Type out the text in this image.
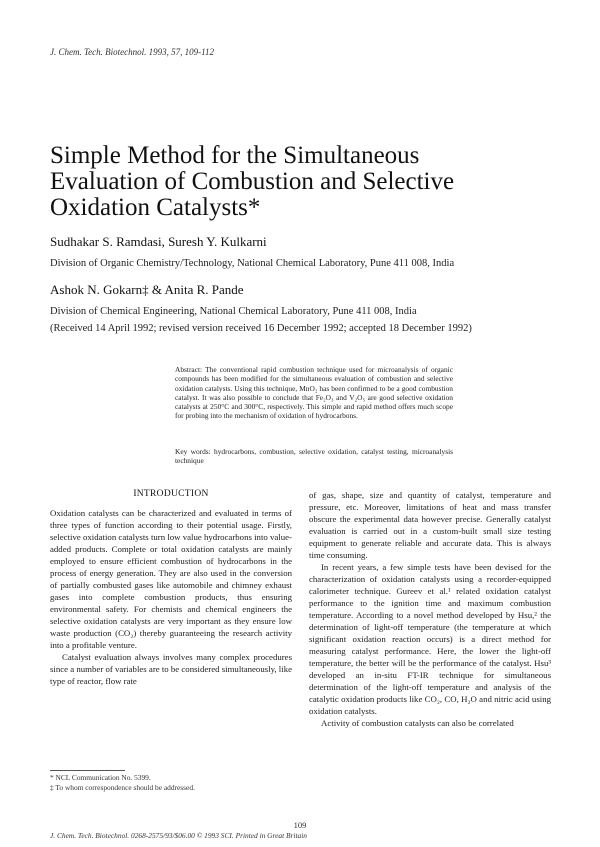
J. Chem. Tech. Biotechnol. 1993, 57, 109-112
Simple Method for the Simultaneous
Evaluation of Combustion and Selective
Oxidation Catalysts*
Sudhakar S. Ramdasi, Suresh Y. Kulkarni
Division of Organic Chemistry/Technology, National Chemical Laboratory, Pune 411 008, India
Ashok N. Gokarn‡ & Anita R. Pande
Division of Chemical Engineering, National Chemical Laboratory, Pune 411 008, India
(Received 14 April 1992; revised version received 16 December 1992; accepted 18 December 1992)
Abstract: The conventional rapid combustion technique used for microanalysis of organic compounds has been modified for the simultaneous evaluation of combustion and selective oxidation catalysts. Using this technique, MnO₂ has been confirmed to be a good combustion catalyst. It was also possible to conclude that Fe₂O₃ and V₂O₅ are good selective oxidation catalysts at 250°C and 300°C, respectively. This simple and rapid method offers much scope for probing into the mechanism of oxidation of hydrocarbons.
Key words: hydrocarbons, combustion, selective oxidation, catalyst testing, microanalysis technique
INTRODUCTION

Oxidation catalysts can be characterized and evaluated in terms of three types of function according to their potential usage. Firstly, selective oxidation catalysts turn low value hydrocarbons into value-added products. Complete or total oxidation catalysts are mainly employed to ensure efficient combustion of hydrocarbons in the process of energy generation. They are also used in the conversion of partially combusted gases like automobile and chimney exhaust gases into complete combustion products, thus ensuring environmental safety. For chemists and chemical engineers the selective oxidation catalysts are very important as they ensure low waste production (CO₂) thereby guaranteeing the research activity into a profitable venture.

Catalyst evaluation always involves many complex procedures since a number of variables are to be considered simultaneously, like type of reactor, flow rate

of gas, shape, size and quantity of catalyst, temperature and pressure, etc. Moreover, limitations of heat and mass transfer obscure the experimental data however precise. Generally catalyst evaluation is carried out in a custom-built small size testing equipment to generate reliable and accurate data. This is always time consuming.

In recent years, a few simple tests have been devised for the characterization of oxidation catalysts using a recorder-equipped calorimeter technique. Gureev et al.¹ related oxidation catalyst performance to the ignition time and maximum combustion temperature. According to a novel method developed by Hsu,² the determination of light-off temperature (the temperature at which significant oxidation reaction occurs) is a direct method for measuring catalyst performance. Here, the lower the light-off temperature, the better will be the performance of the catalyst. Hsu³ developed an in-situ FT-IR technique for simultaneous determination of the light-off temperature and analysis of the catalytic oxidation products like CO₂, CO, H₂O and nitric acid using oxidation catalysts.

Activity of combustion catalysts can also be correlated

* NCL Communication No. 5399.
‡ To whom correspondence should be addressed.
109
J. Chem. Tech. Biotechnol. 0268-2575/93/$06.00 © 1993 SCI. Printed in Great Britain
